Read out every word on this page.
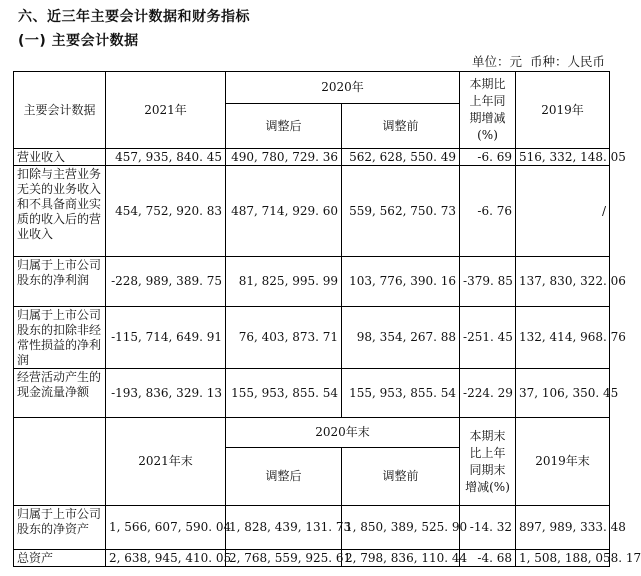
六、近三年主要会计数据和财务指标
(一) 主要会计数据
单位：元 币种：人民币
主要会计数据	2021年	2020年		本期比上年同期增减(%)	2019年
		调整后	调整前		
营业收入	457, 935, 840. 45	490, 780, 729. 36	562, 628, 550. 49	-6. 69	516, 332, 148. 05
扣除与主营业务无关的业务收入和不具备商业实质的收入后的营业收入	454, 752, 920. 83	487, 714, 929. 60	559, 562, 750. 73	-6. 76	/
归属于上市公司股东的净利润	-228, 989, 389. 75	81, 825, 995. 99	103, 776, 390. 16	-379. 85	137, 830, 322. 06
归属于上市公司股东的扣除非经常性损益的净利润	-115, 714, 649. 91	76, 403, 873. 71	98, 354, 267. 88	-251. 45	132, 414, 968. 76
经营活动产生的现金流量净额	-193, 836, 329. 13	155, 953, 855. 54	155, 953, 855. 54	-224. 29	37, 106, 350. 45
	2021年末	2020年末		本期末比上年同期末增减(%)	2019年末
		调整后	调整前		
归属于上市公司股东的净资产	1, 566, 607, 590. 04	1, 828, 439, 131. 73	1, 850, 389, 525. 90	-14. 32	897, 989, 333. 48
总资产	2, 638, 945, 410. 05	2, 768, 559, 925. 61	2, 798, 836, 110. 44	-4. 68	1, 508, 188, 058. 17
